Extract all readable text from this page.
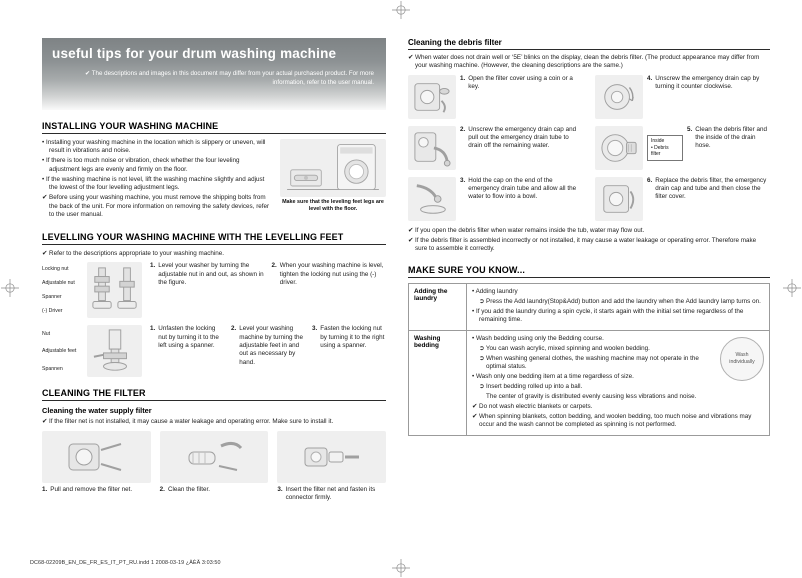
useful tips for your drum washing machine
✔ The descriptions and images in this document may differ from your actual purchased product. For more information, refer to the user manual.
INSTALLING YOUR WASHING MACHINE
• Installing your washing machine in the location which is slippery or uneven, will result in vibrations and noise.
• If there is too much noise or vibration, check whether the four leveling adjustment legs are evenly and firmly on the floor.
• If the washing machine is not level, lift the washing machine slightly and adjust the lowest of the four levelling adjustment legs.
✔ Before using your washing machine, you must remove the shipping bolts from the back of the unit. For more information on removing the safety devices, refer to the user manual.
Make sure that the leveling feet legs are level with the floor.
LEVELLING YOUR WASHING MACHINE WITH THE LEVELLING FEET
✔ Refer to the descriptions appropriate to your washing machine.
Locking nut
Adjustable nut
Spanner
(-) Driver
1. Level your washer by turning the adjustable nut in and out, as shown in the figure.
2. When your washing machine is level, tighten the locking nut using the (-) driver.
Nut
Adjustable feet
Spannen
1. Unfasten the locking nut by turning it to the left using a spanner.
2. Level your washing machine by turning the adjustable feet in and out as necessary by hand.
3. Fasten the locking nut by turning it to the right using a spanner.
CLEANING THE FILTER
Cleaning the water supply filter
✔ If the filter net is not installed, it may cause a water leakage and operating error. Make sure to install it.
1. Pull and remove the filter net.	2. Clean the filter.	3. Insert the filter net and fasten its connector firmly.
Cleaning the debris filter
✔ When water does not drain well or ‘5E’ blinks on the display, clean the debris filter. (The product appearance may differ from your washing machine. (However, the cleaning descriptions are the same.)
1. Open the filter cover using a coin or a key.
2. Unscrew the emergency drain cap and pull out the emergency drain tube to drain off the remaining water.
3. Hold the cap on the end of the emergency drain tube and allow all the water to flow into a bowl.
4. Unscrew the emergency drain cap by turning it counter clockwise.
Inside
• Debris filter
5. Clean the debris filter and the inside of the drain hose.
6. Replace the debris filter, the emergency drain cap and tube and then close the filter cover.
✔ If you open the debris filter when water remains inside the tub, water may flow out.
✔ If the debris filter is assembled incorrectly or not installed, it may cause a water leakage or operating error. Therefore make sure to assemble it correctly.
MAKE SURE YOU KNOW...
Adding the laundry	• Adding laundry
➲ Press the Add laundry(Stop&Add) button and add the laundry when the Add laundry lamp turns on.
• If you add the laundry during a spin cycle, it starts again with the initial set time regardless of the remaining time.

Washing bedding	
Wash individually
• Wash bedding using only the Bedding course.
➲ You can wash acrylic, mixed spinning and woolen bedding.
➲ When washing general clothes, the washing machine may not operate in the optimal status.
• Wash only one bedding item at a time regardless of size.
➲ Insert bedding rolled up into a ball.
The center of gravity is distributed evenly causing less vibrations and noise.
✔ Do not wash electric blankets or carpets.
✔ When spinning blankets, cotton bedding, and woolen bedding, too much noise and vibrations may occur and the wash cannot be completed as spinning is not performed.
DC68-02209B_EN_DE_FR_ES_IT_PT_RU.indd 1 2008-03-19 ¿ÀÈÄ 3:03:50
